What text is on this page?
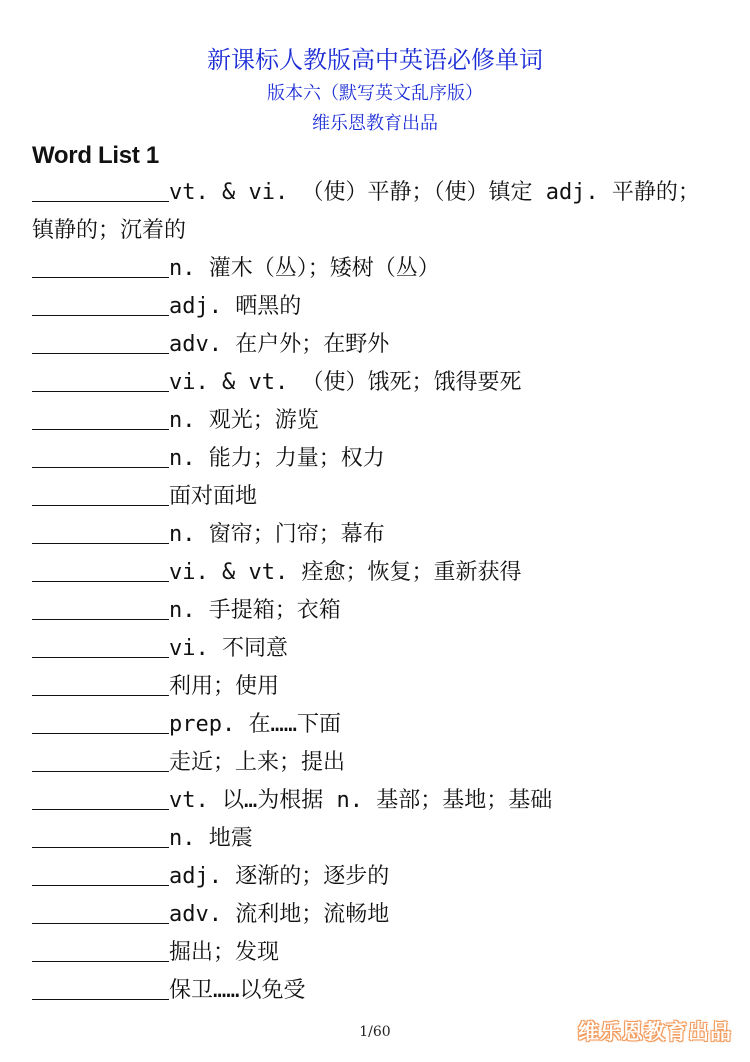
新课标人教版高中英语必修单词
版本六（默写英文乱序版）
维乐恩教育出品
Word List 1
vt. & vi. （使）平静；（使）镇定 adj. 平静的；镇静的；沉着的
n. 灌木（丛）；矮树（丛）
adj. 晒黑的
adv. 在户外；在野外
vi. & vt. （使）饿死；饿得要死
n. 观光；游览
n. 能力；力量；权力
面对面地
n. 窗帘；门帘；幕布
vi. & vt. 痊愈；恢复；重新获得
n. 手提箱；衣箱
vi. 不同意
利用；使用
prep. 在……下面
走近；上来；提出
vt. 以…为根据 n. 基部；基地；基础
n. 地震
adj. 逐渐的；逐步的
adv. 流利地；流畅地
掘出；发现
保卫……以免受
1/60	维乐恩教育出品
